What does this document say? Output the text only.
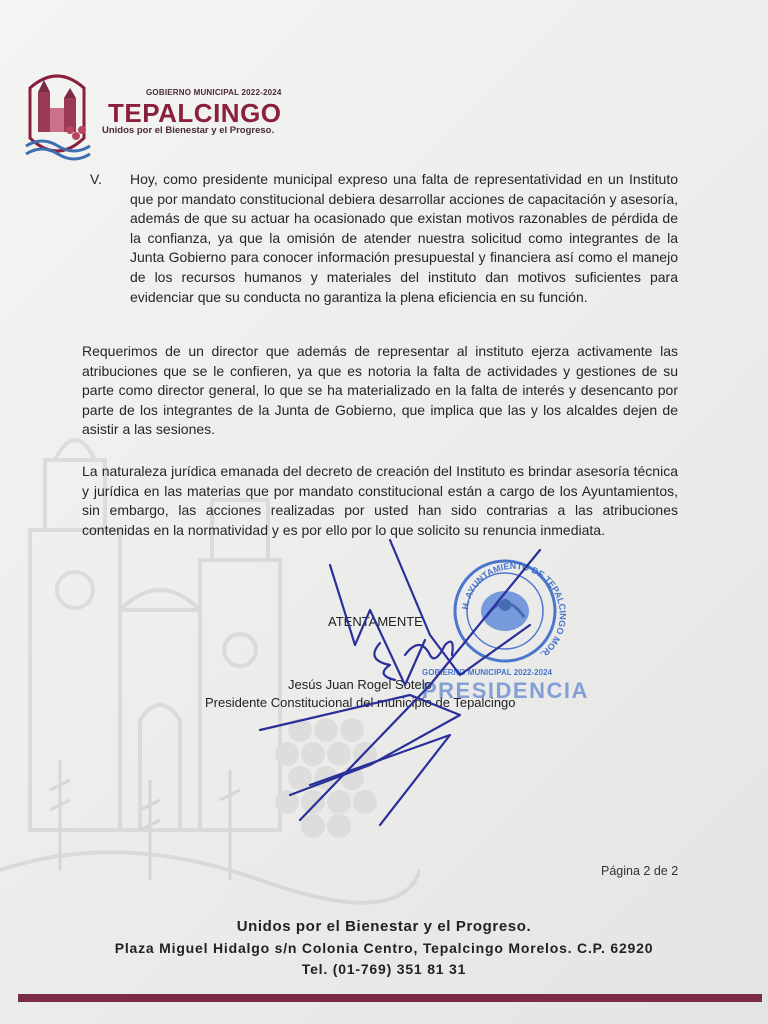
GOBIERNO MUNICIPAL 2022-2024
TEPALCINGO
Unidos por el Bienestar y el Progreso.
V. Hoy, como presidente municipal expreso una falta de representatividad en un Instituto que por mandato constitucional debiera desarrollar acciones de capacitación y asesoría, además de que su actuar ha ocasionado que existan motivos razonables de pérdida de la confianza, ya que la omisión de atender nuestra solicitud como integrantes de la Junta Gobierno para conocer información presupuestal y financiera así como el manejo de los recursos humanos y materiales del instituto dan motivos suficientes para evidenciar que su conducta no garantiza la plena eficiencia en su función.

Requerimos de un director que además de representar al instituto ejerza activamente las atribuciones que se le confieren, ya que es notoria la falta de actividades y gestiones de su parte como director general, lo que se ha materializado en la falta de interés y desencanto por parte de los integrantes de la Junta de Gobierno, que implica que las y los alcaldes dejen de asistir a las sesiones.

La naturaleza jurídica emanada del decreto de creación del Instituto es brindar asesoría técnica y jurídica en las materias que por mandato constitucional están a cargo de los Ayuntamientos, sin embargo, las acciones realizadas por usted han sido contrarias a las atribuciones contenidas en la normatividad y es por ello por lo que solicito su renuncia inmediata.

H. AYUNTAMIENTO DE TEPALCINGO MOR.
GOBIERNO MUNICIPAL 2022-2024
PRESIDENCIA
ATENTAMENTE
Jesús Juan Rogel Sotelo
Presidente Constitucional del municipio de Tepalcingo
Página 2 de 2
Unidos por el Bienestar y el Progreso.
Plaza Miguel Hidalgo s/n Colonia Centro, Tepalcingo Morelos. C.P. 62920
Tel. (01-769) 351 81 31
